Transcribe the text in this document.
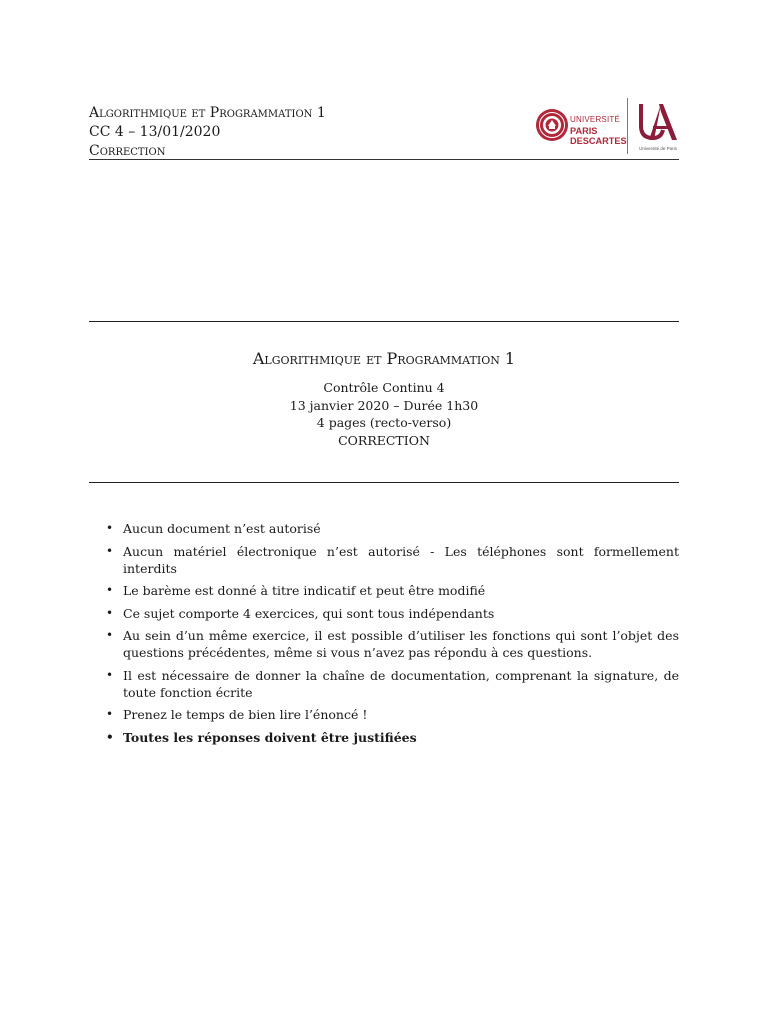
Algorithmique et Programmation 1
CC 4 – 13/01/2020
Correction
UNIVERSITÉ
PARIS
DESCARTES
Université de Paris
Algorithmique et Programmation 1
Contrôle Continu 4
13 janvier 2020 – Durée 1h30
4 pages (recto-verso)
CORRECTION
• Aucun document n’est autorisé
• Aucun matériel électronique n’est autorisé - Les téléphones sont formellement interdits
• Le barème est donné à titre indicatif et peut être modifié
• Ce sujet comporte 4 exercices, qui sont tous indépendants
• Au sein d’un même exercice, il est possible d’utiliser les fonctions qui sont l’objet des questions précédentes, même si vous n’avez pas répondu à ces questions.
• Il est nécessaire de donner la chaîne de documentation, comprenant la signature, de toute fonction écrite
• Prenez le temps de bien lire l’énoncé !
• Toutes les réponses doivent être justifiées
